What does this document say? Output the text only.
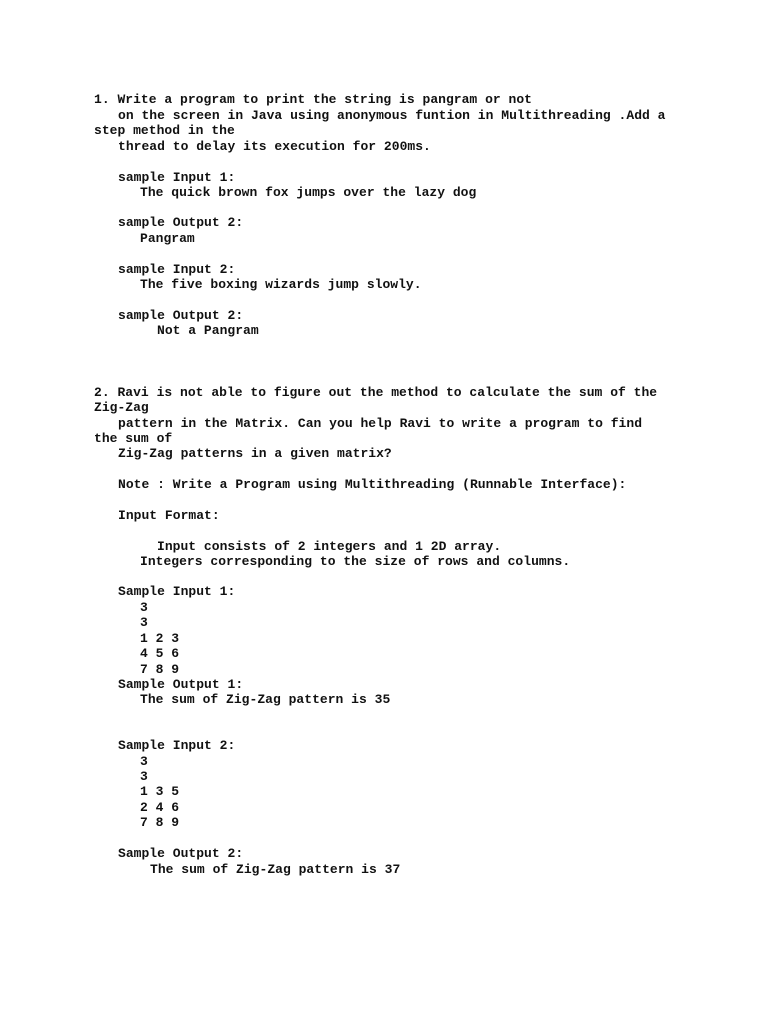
1. Write a program to print the string is pangram or not
on the screen in Java using anonymous funtion in Multithreading .Add a
step method in the
thread to delay its execution for 200ms.
sample Input 1:
The quick brown fox jumps over the lazy dog
sample Output 2:
Pangram
sample Input 2:
The five boxing wizards jump slowly.
sample Output 2:
Not a Pangram
2. Ravi is not able to figure out the method to calculate the sum of the
Zig-Zag
pattern in the Matrix. Can you help Ravi to write a program to find
the sum of
Zig-Zag patterns in a given matrix?
Note : Write a Program using Multithreading (Runnable Interface):
Input Format:
Input consists of 2 integers and 1 2D array.
Integers corresponding to the size of rows and columns.
Sample Input 1:
3
3
1 2 3
4 5 6
7 8 9
Sample Output 1:
The sum of Zig-Zag pattern is 35
Sample Input 2:
3
3
1 3 5
2 4 6
7 8 9
Sample Output 2:
The sum of Zig-Zag pattern is 37
